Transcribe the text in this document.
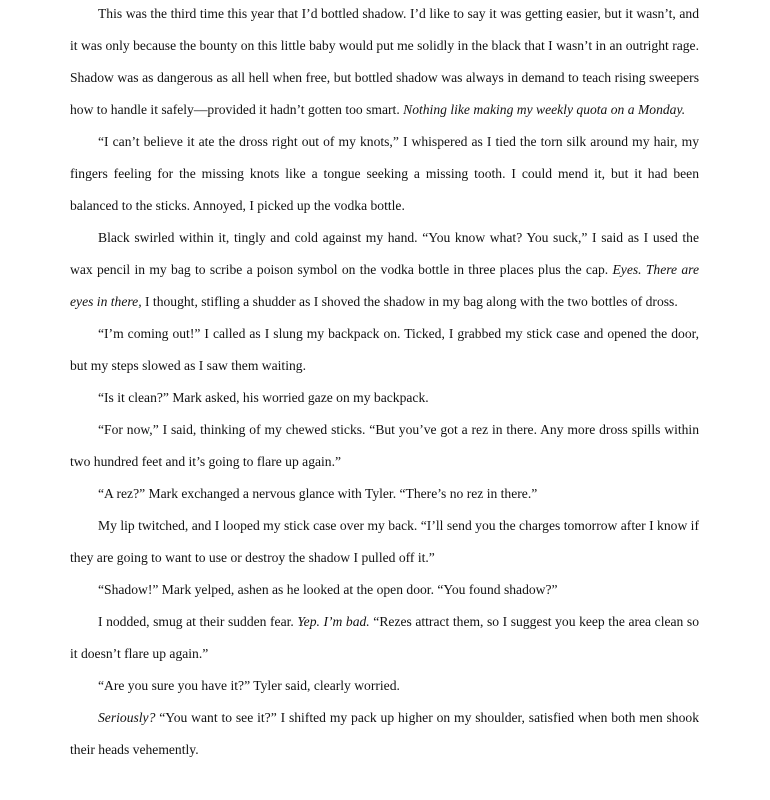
This was the third time this year that I’d bottled shadow. I’d like to say it was getting easier, but it wasn’t, and it was only because the bounty on this little baby would put me solidly in the black that I wasn’t in an outright rage. Shadow was as dangerous as all hell when free, but bottled shadow was always in demand to teach rising sweepers how to handle it safely—provided it hadn’t gotten too smart. Nothing like making my weekly quota on a Monday.

“I can’t believe it ate the dross right out of my knots,” I whispered as I tied the torn silk around my hair, my fingers feeling for the missing knots like a tongue seeking a missing tooth. I could mend it, but it had been balanced to the sticks. Annoyed, I picked up the vodka bottle.

Black swirled within it, tingly and cold against my hand. “You know what? You suck,” I said as I used the wax pencil in my bag to scribe a poison symbol on the vodka bottle in three places plus the cap. Eyes. There are eyes in there, I thought, stifling a shudder as I shoved the shadow in my bag along with the two bottles of dross.

“I’m coming out!” I called as I slung my backpack on. Ticked, I grabbed my stick case and opened the door, but my steps slowed as I saw them waiting.

“Is it clean?” Mark asked, his worried gaze on my backpack.

“For now,” I said, thinking of my chewed sticks. “But you’ve got a rez in there. Any more dross spills within two hundred feet and it’s going to flare up again.”

“A rez?” Mark exchanged a nervous glance with Tyler. “There’s no rez in there.”

My lip twitched, and I looped my stick case over my back. “I’ll send you the charges tomorrow after I know if they are going to want to use or destroy the shadow I pulled off it.”

“Shadow!” Mark yelped, ashen as he looked at the open door. “You found shadow?”

I nodded, smug at their sudden fear. Yep. I’m bad. “Rezes attract them, so I suggest you keep the area clean so it doesn’t flare up again.”

“Are you sure you have it?” Tyler said, clearly worried.

Seriously? “You want to see it?” I shifted my pack up higher on my shoulder, satisfied when both men shook their heads vehemently.
